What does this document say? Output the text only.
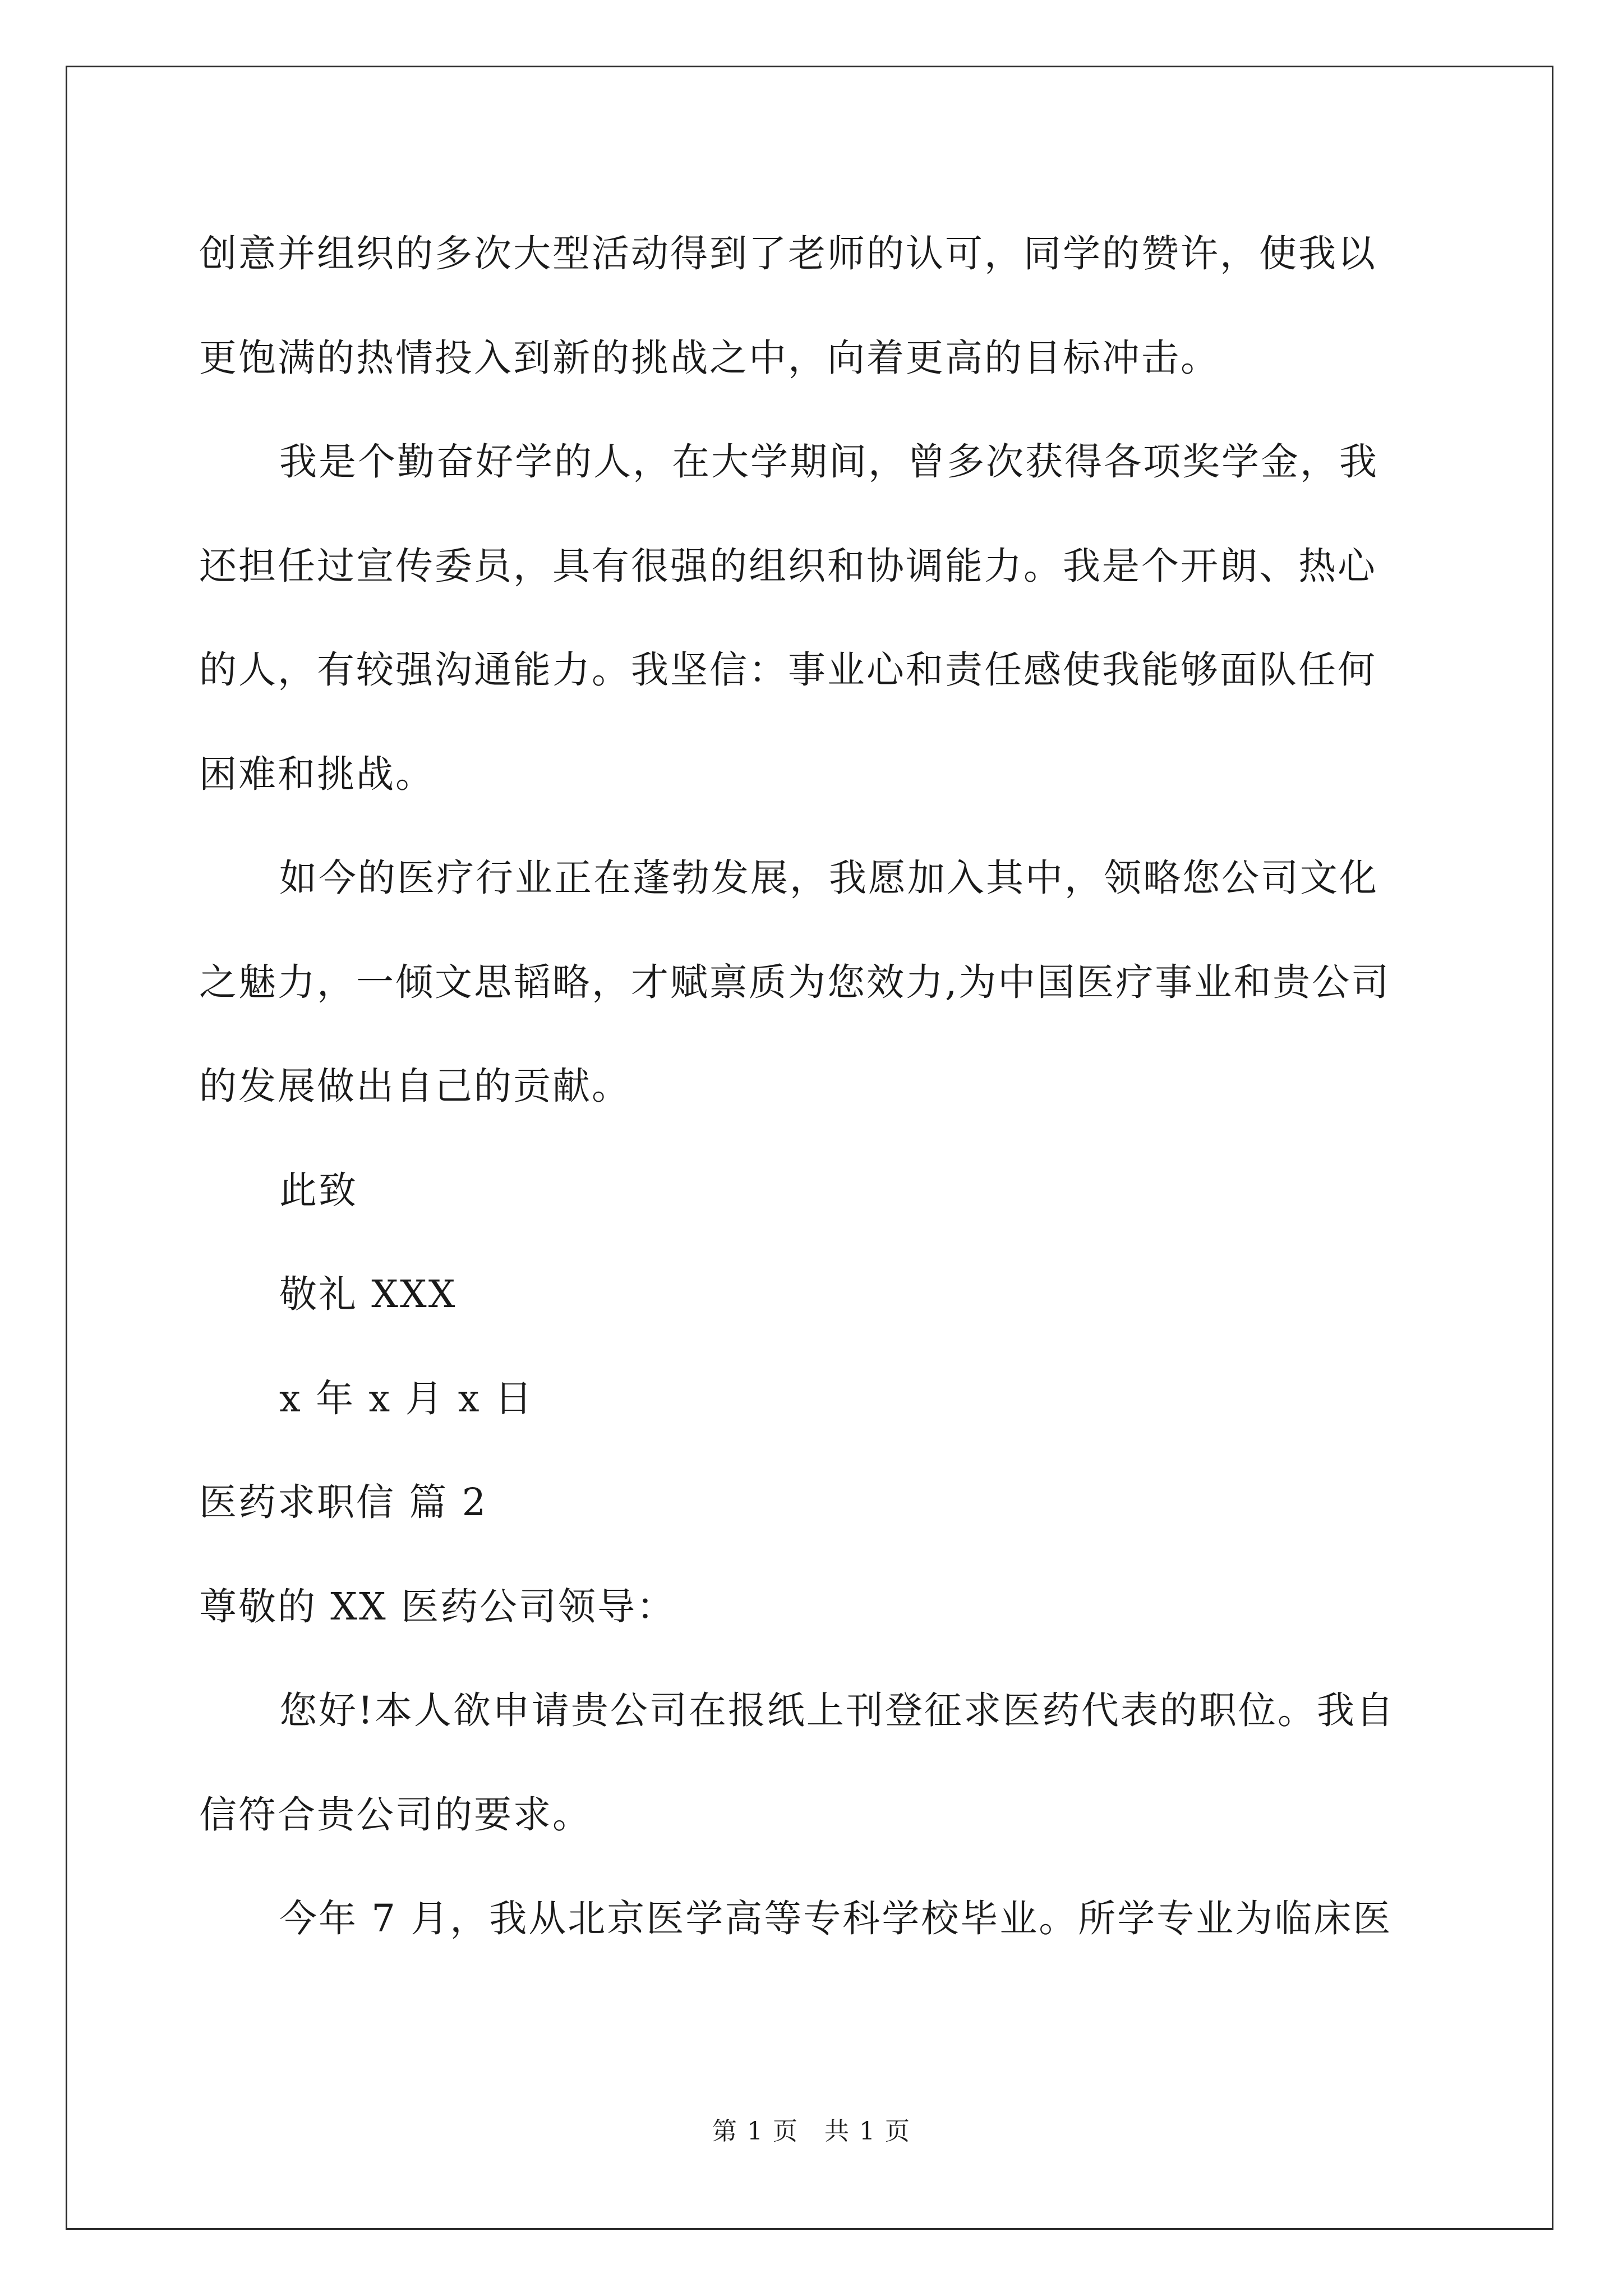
创意并组织的多次大型活动得到了老师的认可，同学的赞许，使我以
更饱满的热情投入到新的挑战之中，向着更高的目标冲击。
我是个勤奋好学的人，在大学期间，曾多次获得各项奖学金，我
还担任过宣传委员，具有很强的组织和协调能力。我是个开朗、热心
的人，有较强沟通能力。我坚信：事业心和责任感使我能够面队任何
困难和挑战。
如今的医疗行业正在蓬勃发展，我愿加入其中，领略您公司文化
之魅力，一倾文思韬略，才赋禀质为您效力,为中国医疗事业和贵公司
的发展做出自己的贡献。
此致
敬礼 XXX
x 年 x 月 x 日
医药求职信 篇 2
尊敬的 XX 医药公司领导：
您好!本人欲申请贵公司在报纸上刊登征求医药代表的职位。我自
信符合贵公司的要求。
今年 7 月，我从北京医学高等专科学校毕业。所学专业为临床医
第 1 页　共 1 页
